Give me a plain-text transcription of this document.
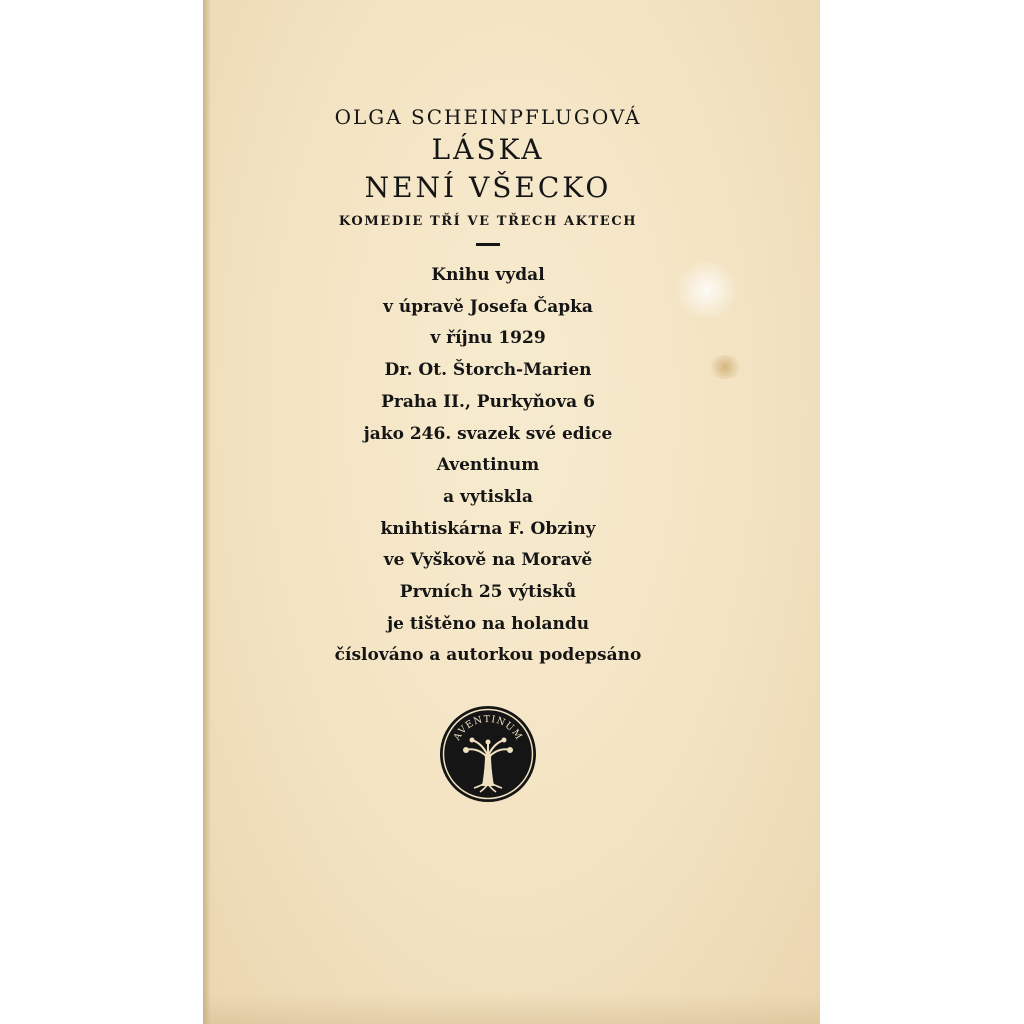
OLGA SCHEINPFLUGOVÁ

LÁSKA

NENÍ VŠECKO

KOMEDIE TŘÍ VE TŘECH AKTECH

Knihu vydal

v úpravě Josefa Čapka

v říjnu 1929

Dr. Ot. Štorch-Marien

Praha II., Purkyňova 6

jako 246. svazek své edice

Aventinum

a vytiskla

knihtiskárna F. Obziny

ve Vyškově na Moravě

Prvních 25 výtisků

je tištěno na holandu

číslováno a autorkou podepsáno

AVENTINUM
